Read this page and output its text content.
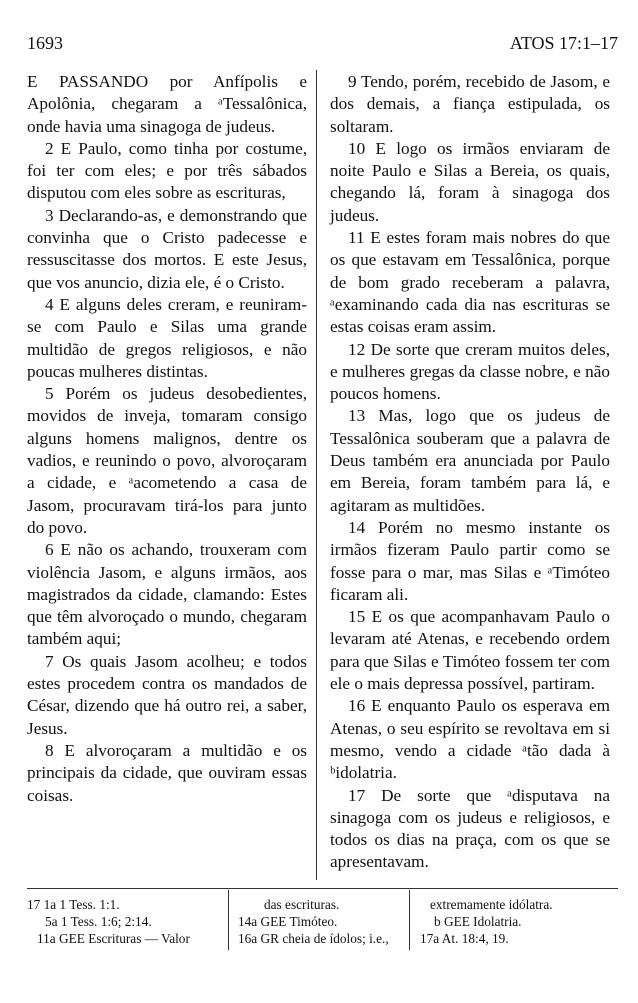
1693	ATOS 17:1–17

E PASSANDO por Anfípolis e Apolônia, chegaram a ᵃTessalônica, onde havia uma sinagoga de judeus.

2 E Paulo, como tinha por costume, foi ter com eles; e por três sábados disputou com eles sobre as escrituras,

3 Declarando-as, e demonstrando que convinha que o Cristo padecesse e ressuscitasse dos mortos. E este Jesus, que vos anuncio, dizia ele, é o Cristo.

4 E alguns deles creram, e reuniram-se com Paulo e Silas uma grande multidão de gregos religiosos, e não poucas mulheres distintas.

5 Porém os judeus desobedientes, movidos de inveja, tomaram consigo alguns homens malignos, dentre os vadios, e reunindo o povo, alvoroçaram a cidade, e ᵃacometendo a casa de Jasom, procuravam tirá-los para junto do povo.

6 E não os achando, trouxeram com violência Jasom, e alguns irmãos, aos magistrados da cidade, clamando: Estes que têm alvoroçado o mundo, chegaram também aqui;

7 Os quais Jasom acolheu; e todos estes procedem contra os mandados de César, dizendo que há outro rei, a saber, Jesus.

8 E alvoroçaram a multidão e os principais da cidade, que ouviram essas coisas.

9 Tendo, porém, recebido de Jasom, e dos demais, a fiança estipulada, os soltaram.

10 E logo os irmãos enviaram de noite Paulo e Silas a Bereia, os quais, chegando lá, foram à sinagoga dos judeus.

11 E estes foram mais nobres do que os que estavam em Tessalônica, porque de bom grado receberam a palavra, ᵃexaminando cada dia nas escrituras se estas coisas eram assim.

12 De sorte que creram muitos deles, e mulheres gregas da classe nobre, e não poucos homens.

13 Mas, logo que os judeus de Tessalônica souberam que a palavra de Deus também era anunciada por Paulo em Bereia, foram também para lá, e agitaram as multidões.

14 Porém no mesmo instante os irmãos fizeram Paulo partir como se fosse para o mar, mas Silas e ᵃTimóteo ficaram ali.

15 E os que acompanhavam Paulo o levaram até Atenas, e recebendo ordem para que Silas e Timóteo fossem ter com ele o mais depressa possível, partiram.

16 E enquanto Paulo os esperava em Atenas, o seu espírito se revoltava em si mesmo, vendo a cidade ᵃtão dada à ᵇidolatria.

17 De sorte que ᵃdisputava na sinagoga com os judeus e religiosos, e todos os dias na praça, com os que se apresentavam.

17 1a 1 Tess. 1:1.
5a 1 Tess. 1:6; 2:14.
11a GEE Escrituras — Valor
das escrituras.
14a GEE Timóteo.
16a GR cheia de ídolos; i.e.,
extremamente idólatra.
b GEE Idolatria.
17a At. 18:4, 19.
